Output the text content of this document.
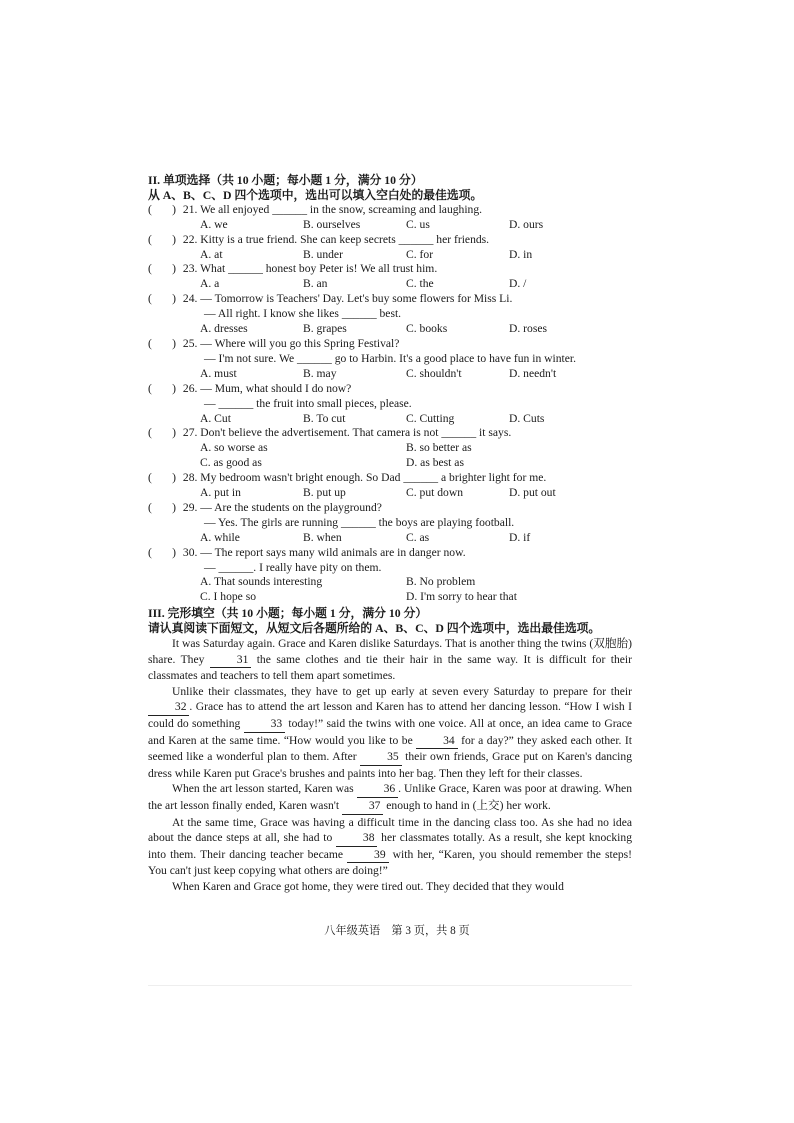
II. 单项选择（共 10 小题；每小题 1 分，满分 10 分）
从 A、B、C、D 四个选项中，选出可以填入空白处的最佳选项。
(       ) 21. We all enjoyed ______ in the snow, screaming and laughing.
A. we	B. ourselves	C. us	D. ours
(       ) 22. Kitty is a true friend. She can keep secrets ______ her friends.
A. at	B. under	C. for	D. in
(       ) 23. What ______ honest boy Peter is! We all trust him.
A. a	B. an	C. the	D. /
(       ) 24. — Tomorrow is Teachers' Day. Let's buy some flowers for Miss Li.
— All right. I know she likes ______ best.
A. dresses	B. grapes	C. books	D. roses
(       ) 25. — Where will you go this Spring Festival?
— I'm not sure. We ______ go to Harbin. It's a good place to have fun in winter.
A. must	B. may	C. shouldn't	D. needn't
(       ) 26. — Mum, what should I do now?
— ______ the fruit into small pieces, please.
A. Cut	B. To cut	C. Cutting	D. Cuts
(       ) 27. Don't believe the advertisement. That camera is not ______ it says.
A. so worse as	B. so better as
C. as good as	D. as best as
(       ) 28. My bedroom wasn't bright enough. So Dad ______ a brighter light for me.
A. put in	B. put up	C. put down	D. put out
(       ) 29. — Are the students on the playground?
— Yes. The girls are running ______ the boys are playing football.
A. while	B. when	C. as	D. if
(       ) 30. — The report says many wild animals are in danger now.
— ______. I really have pity on them.
A. That sounds interesting	B. No problem
C. I hope so	D. I'm sorry to hear that
III. 完形填空（共 10 小题；每小题 1 分，满分 10 分）
请认真阅读下面短文，从短文后各题所给的 A、B、C、D 四个选项中，选出最佳选项。

It was Saturday again. Grace and Karen dislike Saturdays. That is another thing the twins (双胞胎) share. They  31  the same clothes and tie their hair in the same way. It is difficult for their classmates and teachers to tell them apart sometimes.

Unlike their classmates, they have to get up early at seven every Saturday to prepare for their  32 . Grace has to attend the art lesson and Karen has to attend her dancing lesson. “How I wish I could do something  33  today!” said the twins with one voice. All at once, an idea came to Grace and Karen at the same time. “How would you like to be  34  for a day?” they asked each other. It seemed like a wonderful plan to them. After  35  their own friends, Grace put on Karen's dancing dress while Karen put Grace's brushes and paints into her bag. Then they left for their classes.

When the art lesson started, Karen was  36 . Unlike Grace, Karen was poor at drawing. When the art lesson finally ended, Karen wasn't  37  enough to hand in (上交) her work.

At the same time, Grace was having a difficult time in the dancing class too. As she had no idea about the dance steps at all, she had to  38  her classmates totally. As a result, she kept knocking into them. Their dancing teacher became  39  with her, “Karen, you should remember the steps! You can't just keep copying what others are doing!”

When Karen and Grace got home, they were tired out. They decided that they would

八年级英语　第 3 页，共 8 页
